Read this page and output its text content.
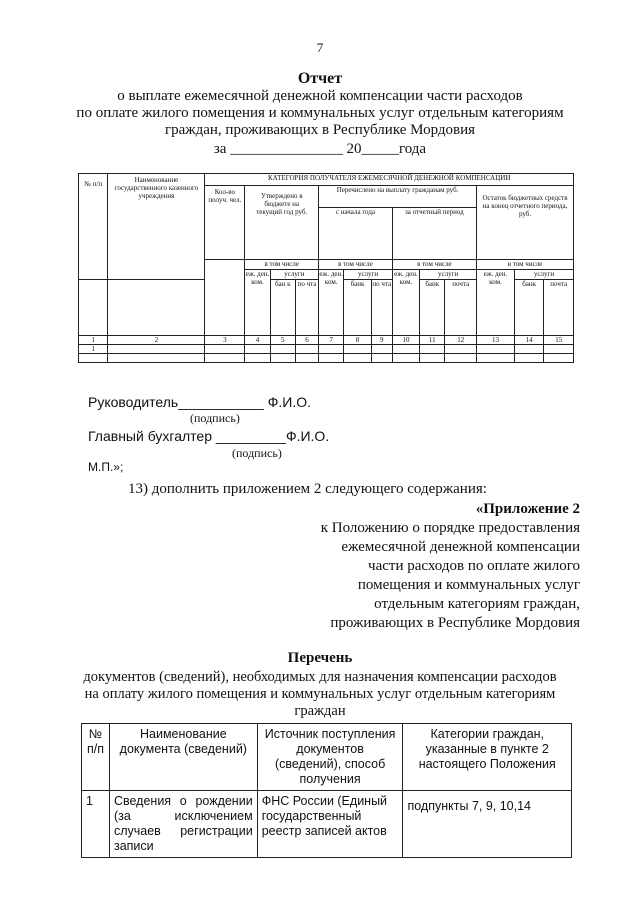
7
Отчет
о выплате ежемесячной денежной компенсации части расходов
по оплате жилого помещения и коммунальных услуг отдельным категориям
граждан, проживающих в Республике Мордовия
за _______________ 20_____года
№ п/п	Наименование государственного казенного учреждения	КАТЕГОРИЯ ПОЛУЧАТЕЛЯ ЕЖЕМЕСЯЧНОЙ ДЕНЕЖНОЙ КОМПЕНСАЦИИ												
		Кол-во получ. чел.	Утверждено в бюджете на текущий год руб.			Перечислено на выплату гражданам руб.						Остаток бюджетных средств на конец отчетного периода, руб.		
						с начала года			за отчетный период					
			в том числе			в том числе			в том числе			в том числе		
			еж. ден. ком.	услуги		еж. ден. ком.	услуги		еж. ден. ком.	услуги		еж. ден. ком.	услуги	
				бан к	по чта		банк	по чта		банк	почта		банк	почта
1	2	3	4	5	6	7	8	9	10	11	12	13	14	15
1														

Руководитель___________ Ф.И.О.
(подпись)
Главный бухгалтер _________Ф.И.О.
(подпись)
М.П.»;
13) дополнить приложением 2 следующего содержания:
«Приложение 2
к Положению о порядке предоставления
ежемесячной денежной компенсации
части расходов по оплате жилого
помещения и коммунальных услуг
отдельным категориям граждан,
проживающих в Республике Мордовия
Перечень
документов (сведений), необходимых для назначения компенсации расходов
на оплату жилого помещения и коммунальных услуг отдельным категориям
граждан
№ п/п	Наименование документа (сведений)	Источник поступления документов (сведений), способ получения	Категории граждан, указанные в пункте 2 настоящего Положения
1	Сведения о рождении (за исключением случаев регистрации записи	ФНС России (Единый государственный реестр записей актов	подпункты 7, 9, 10,14
